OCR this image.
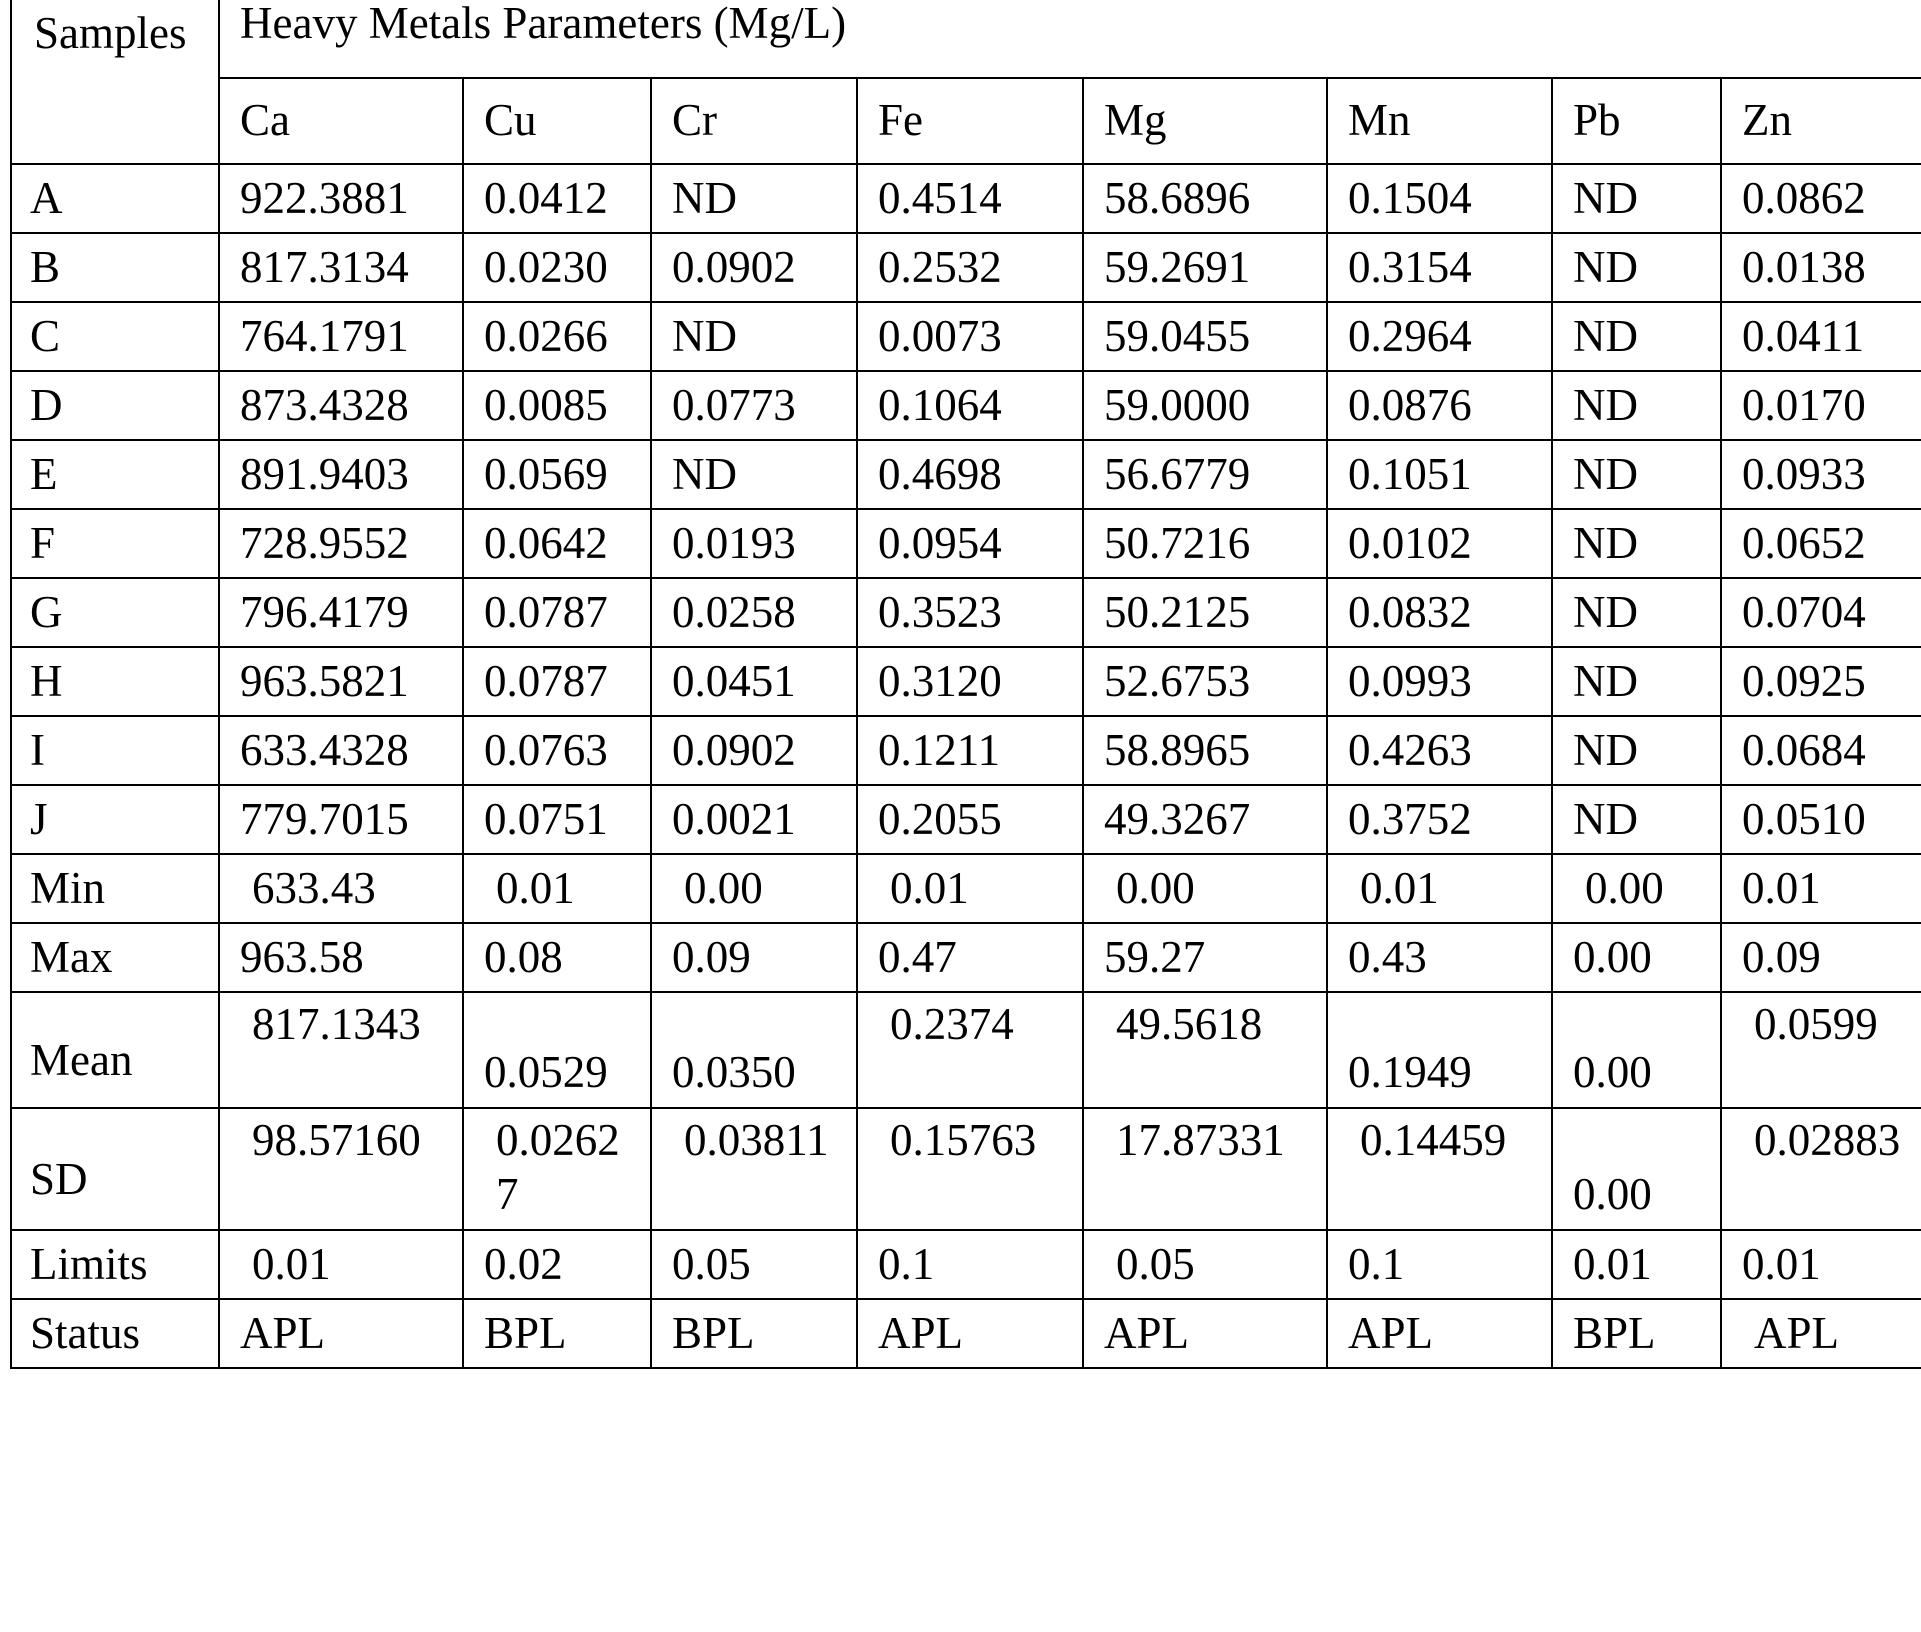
Samples	Heavy Metals Parameters (Mg/L)							
	Ca	Cu	Cr	Fe	Mg	Mn	Pb	Zn
A	922.3881	0.0412	ND	0.4514	58.6896	0.1504	ND	0.0862
B	817.3134	0.0230	0.0902	0.2532	59.2691	0.3154	ND	0.0138
C	764.1791	0.0266	ND	0.0073	59.0455	0.2964	ND	0.0411
D	873.4328	0.0085	0.0773	0.1064	59.0000	0.0876	ND	0.0170
E	891.9403	0.0569	ND	0.4698	56.6779	0.1051	ND	0.0933
F	728.9552	0.0642	0.0193	0.0954	50.7216	0.0102	ND	0.0652
G	796.4179	0.0787	0.0258	0.3523	50.2125	0.0832	ND	0.0704
H	963.5821	0.0787	0.0451	0.3120	52.6753	0.0993	ND	0.0925
I	633.4328	0.0763	0.0902	0.1211	58.8965	0.4263	ND	0.0684
J	779.7015	0.0751	0.0021	0.2055	49.3267	0.3752	ND	0.0510
Min	633.43	0.01	0.00	0.01	0.00	0.01	0.00	0.01
Max	963.58	0.08	0.09	0.47	59.27	0.43	0.00	0.09
Mean	817.1343	0.0529	0.0350	0.2374	49.5618	0.1949	0.00	0.0599
SD	98.57160	0.02627	0.03811	0.15763	17.87331	0.14459	0.00	0.02883
Limits	0.01	0.02	0.05	0.1	0.05	0.1	0.01	0.01
Status	APL	BPL	BPL	APL	APL	APL	BPL	APL
